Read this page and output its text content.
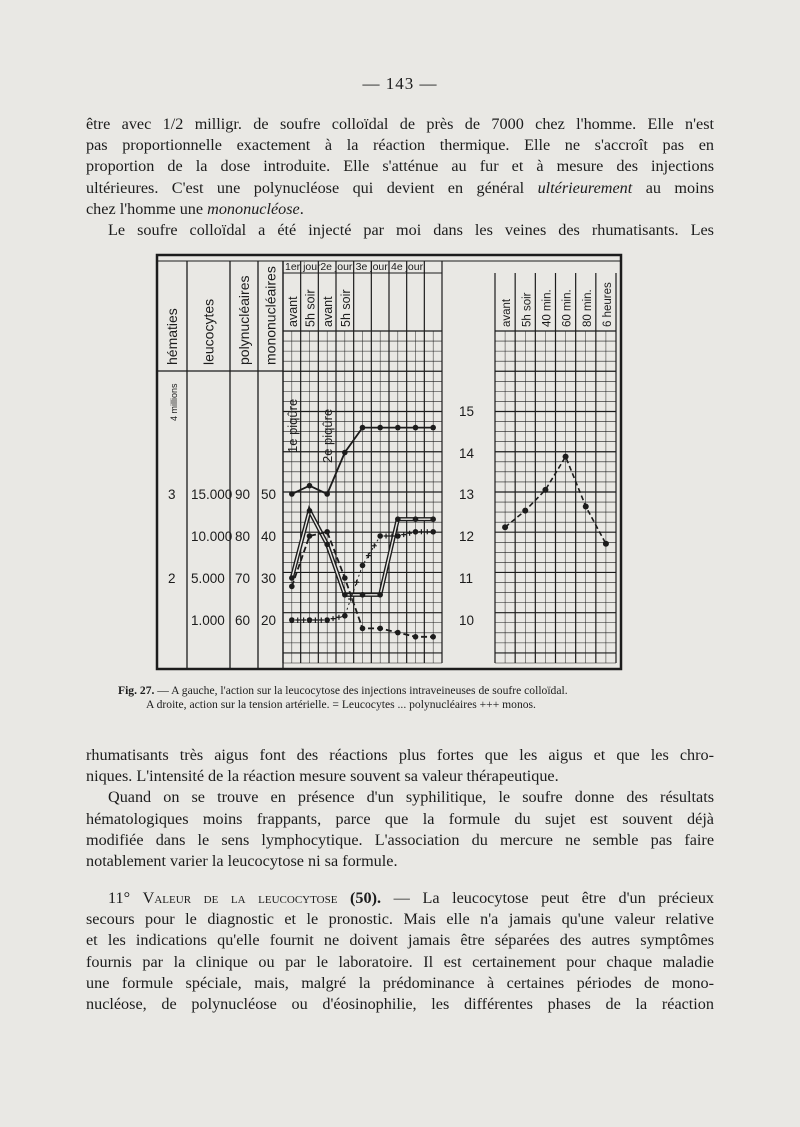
— 143 —
être avec 1/2 milligr. de soufre colloïdal de près de 7000 chez l'homme. Elle n'est
pas proportionnelle exactement à la réaction thermique. Elle ne s'accroît pas en
proportion de la dose introduite. Elle s'atténue au fur et à mesure des injections
ultérieures. C'est une polynucléose qui devient en général ultérieurement au moins
chez l'homme une mononucléose.
Le soufre colloïdal a été injecté par moi dans les veines des rhumatisants. Les
hématies leucocytes polynucléaires mononucléaires
4 millions
avant 5h soir avant 5h soir
1er jour 2e jour 3e jour 4e jour
1e piqûre 2e piqûre
15.000
10.000
5.000
1.000
90
80
70
60
50
40
30
20
3
2
15
14
13
12
11
10
avant 5h soir 40 min. 60 min. 80 min. 6 heures
Fig. 27. — A gauche, l'action sur la leucocytose des injections intraveineuses de soufre colloïdal.
A droite, action sur la tension artérielle. = Leucocytes ... polynucléaires +++ monos.
rhumatisants très aigus font des réactions plus fortes que les aigus et que les chro-
niques. L'intensité de la réaction mesure souvent sa valeur thérapeutique.
Quand on se trouve en présence d'un syphilitique, le soufre donne des résultats
hématologiques moins frappants, parce que la formule du sujet est souvent déjà
modifiée dans le sens lymphocytique. L'association du mercure ne semble pas faire
notablement varier la leucocytose ni sa formule.
11° Valeur de la leucocytose (50). — La leucocytose peut être d'un précieux
secours pour le diagnostic et le pronostic. Mais elle n'a jamais qu'une valeur relative
et les indications qu'elle fournit ne doivent jamais être séparées des autres symptômes
fournis par la clinique ou par le laboratoire. Il est certainement pour chaque maladie
une formule spéciale, mais, malgré la prédominance à certaines périodes de mono-
nucléose, de polynucléose ou d'éosinophilie, les différentes phases de la réaction
